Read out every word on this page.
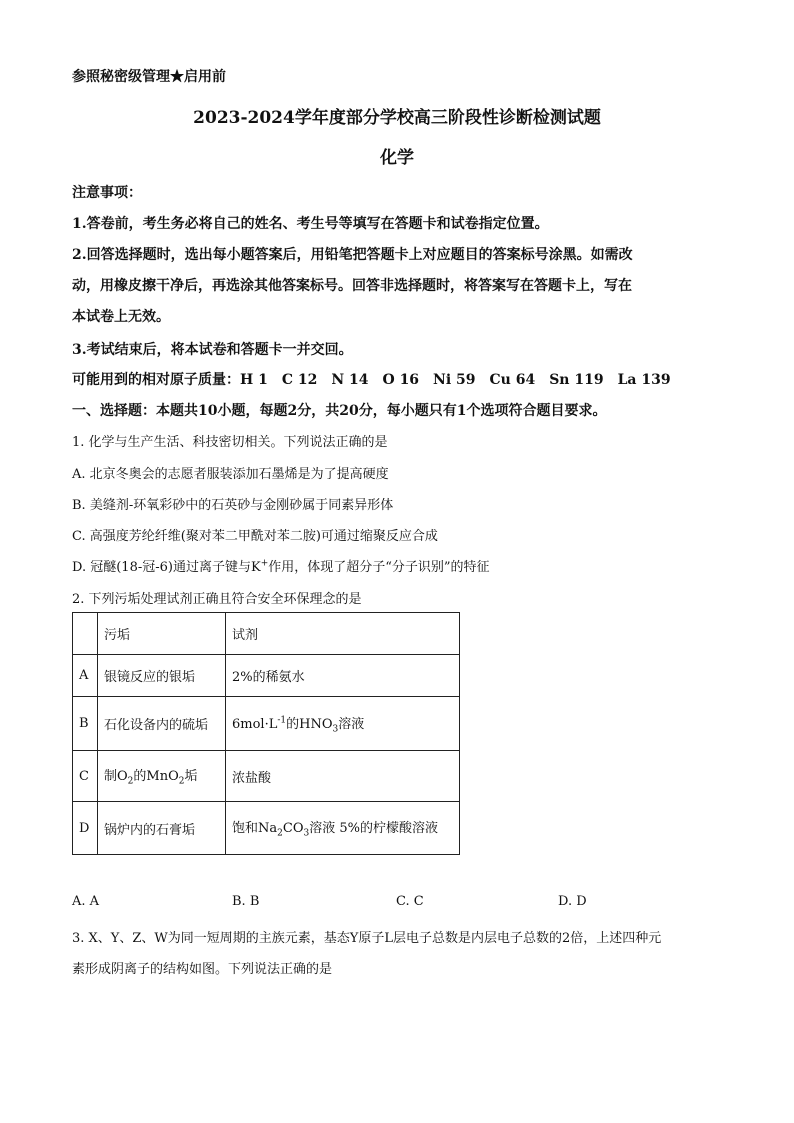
参照秘密级管理★启用前
2023-2024学年度部分学校高三阶段性诊断检测试题
化学
注意事项：
1.答卷前，考生务必将自己的姓名、考生号等填写在答题卡和试卷指定位置。
2.回答选择题时，选出每小题答案后，用铅笔把答题卡上对应题目的答案标号涂黑。如需改
动，用橡皮擦干净后，再选涂其他答案标号。回答非选择题时，将答案写在答题卡上，写在
本试卷上无效。
3.考试结束后，将本试卷和答题卡一并交回。
可能用到的相对原子质量：H 1　C 12　N 14　O 16　Ni 59　Cu 64　Sn 119　La 139
一、选择题：本题共10小题，每题2分，共20分，每小题只有1个选项符合题目要求。
1. 化学与生产生活、科技密切相关。下列说法正确的是
A. 北京冬奥会的志愿者服装添加石墨烯是为了提高硬度
B. 美缝剂-环氧彩砂中的石英砂与金刚砂属于同素异形体
C. 高强度芳纶纤维(聚对苯二甲酰对苯二胺)可通过缩聚反应合成
D. 冠醚(18-冠-6)通过离子键与K+作用，体现了超分子“分子识别”的特征
2. 下列污垢处理试剂正确且符合安全环保理念的是
	污垢	试剂
A	银镜反应的银垢	2%的稀氨水
B	石化设备内的硫垢	$6mol\cdot L^{-1}$的$HNO_3$溶液
C	制$O_2$的MnO$_2$垢	浓盐酸
D	锅炉内的石膏垢	饱和$Na_2CO_3$溶液 5%的柠檬酸溶液
A. A	B. B	C. C	D. D
3. X、Y、Z、W为同一短周期的主族元素，基态Y原子L层电子总数是内层电子总数的2倍，上述四种元
素形成阴离子的结构如图。下列说法正确的是
